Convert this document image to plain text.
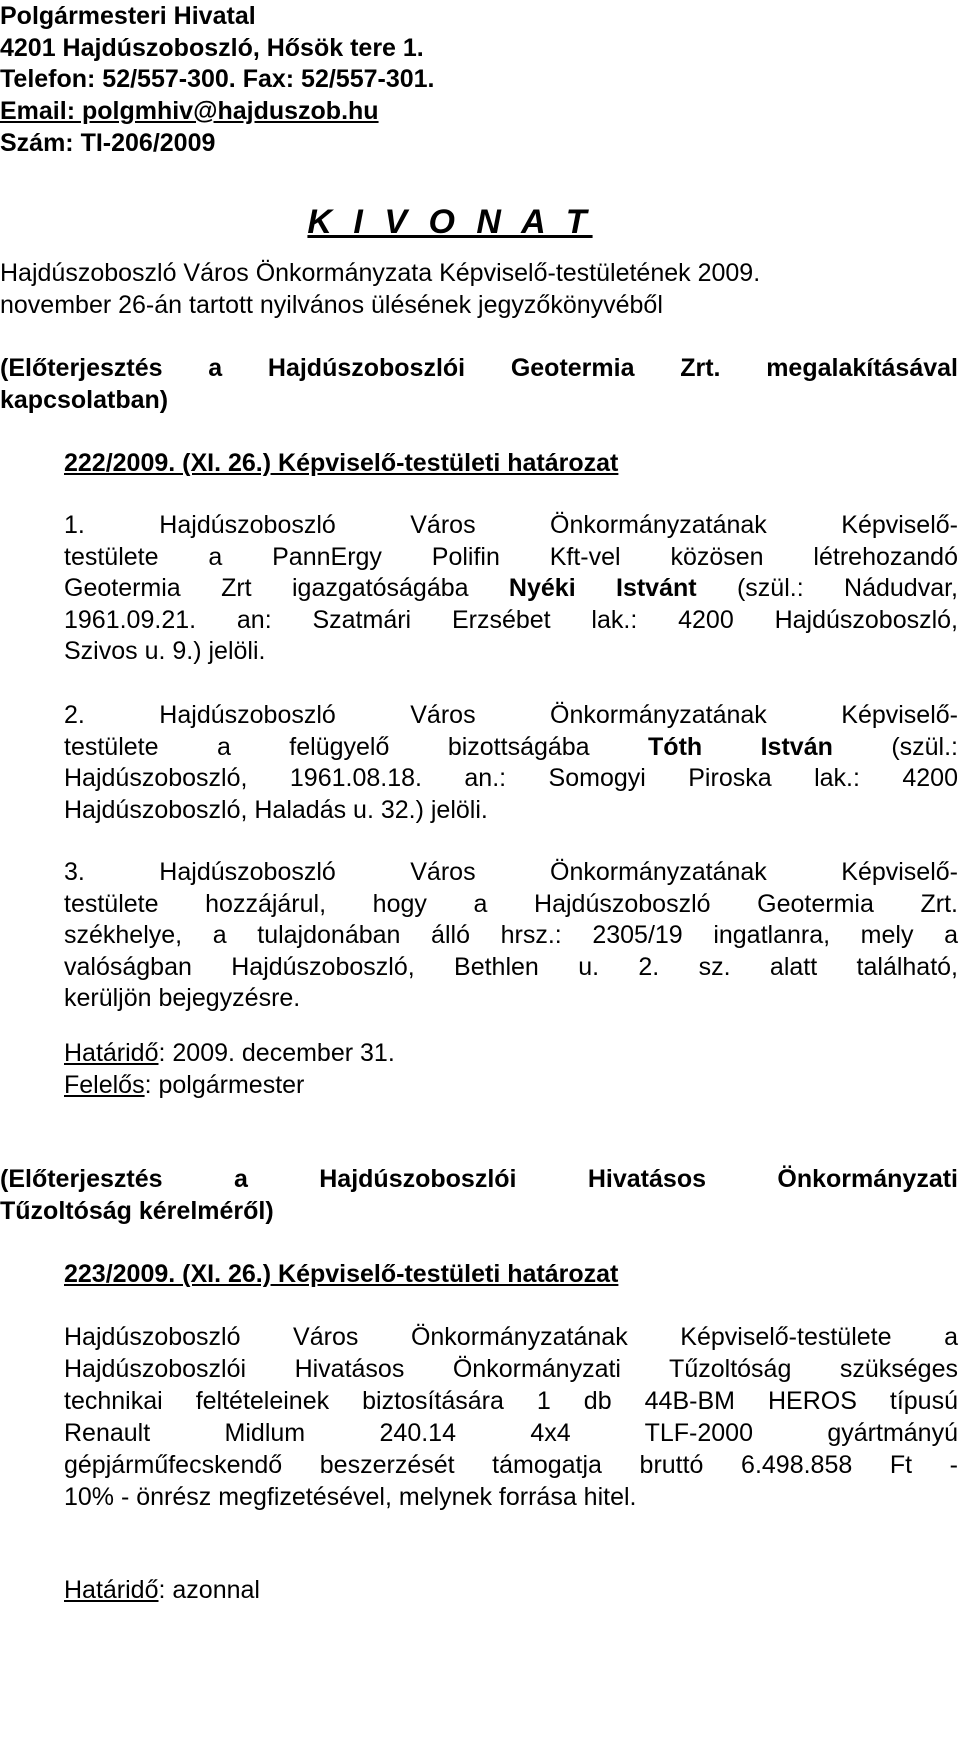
Polgármesteri Hivatal
4201 Hajdúszoboszló, Hősök tere 1.
Telefon: 52/557-300. Fax: 52/557-301.
Email: polgmhiv@hajduszob.hu
Szám: TI-206/2009
K I V O N A T
Hajdúszoboszló Város Önkormányzata Képviselő-testületének 2009.
november 26-án tartott nyilvános ülésének jegyzőkönyvéből
(Előterjesztés a Hajdúszoboszlói Geotermia Zrt. megalakításával
kapcsolatban)
222/2009. (XI. 26.) Képviselő-testületi határozat
1. Hajdúszoboszló Város Önkormányzatának Képviselő-
testülete a PannErgy Polifin Kft-vel közösen létrehozandó
Geotermia Zrt igazgatóságába Nyéki Istvánt (szül.: Nádudvar,
1961.09.21. an: Szatmári Erzsébet lak.: 4200 Hajdúszoboszló,
Szivos u. 9.) jelöli.
2. Hajdúszoboszló Város Önkormányzatának Képviselő-
testülete a felügyelő bizottságába Tóth István (szül.:
Hajdúszoboszló, 1961.08.18. an.: Somogyi Piroska lak.: 4200
Hajdúszoboszló, Haladás u. 32.) jelöli.
3. Hajdúszoboszló Város Önkormányzatának Képviselő-
testülete hozzájárul, hogy a Hajdúszoboszló Geotermia Zrt.
székhelye, a tulajdonában álló hrsz.: 2305/19 ingatlanra, mely a
valóságban Hajdúszoboszló, Bethlen u. 2. sz. alatt található,
kerüljön bejegyzésre.
Határidő: 2009. december 31.
Felelős: polgármester
(Előterjesztés a Hajdúszoboszlói Hivatásos Önkormányzati
Tűzoltóság kérelméről)
223/2009. (XI. 26.) Képviselő-testületi határozat
Hajdúszoboszló Város Önkormányzatának Képviselő-testülete a
Hajdúszoboszlói Hivatásos Önkormányzati Tűzoltóság szükséges
technikai feltételeinek biztosítására 1 db 44B-BM HEROS típusú
Renault Midlum 240.14 4x4 TLF-2000 gyártmányú
gépjárműfecskendő beszerzését támogatja bruttó 6.498.858 Ft -
10% - önrész megfizetésével, melynek forrása hitel.
Határidő: azonnal
